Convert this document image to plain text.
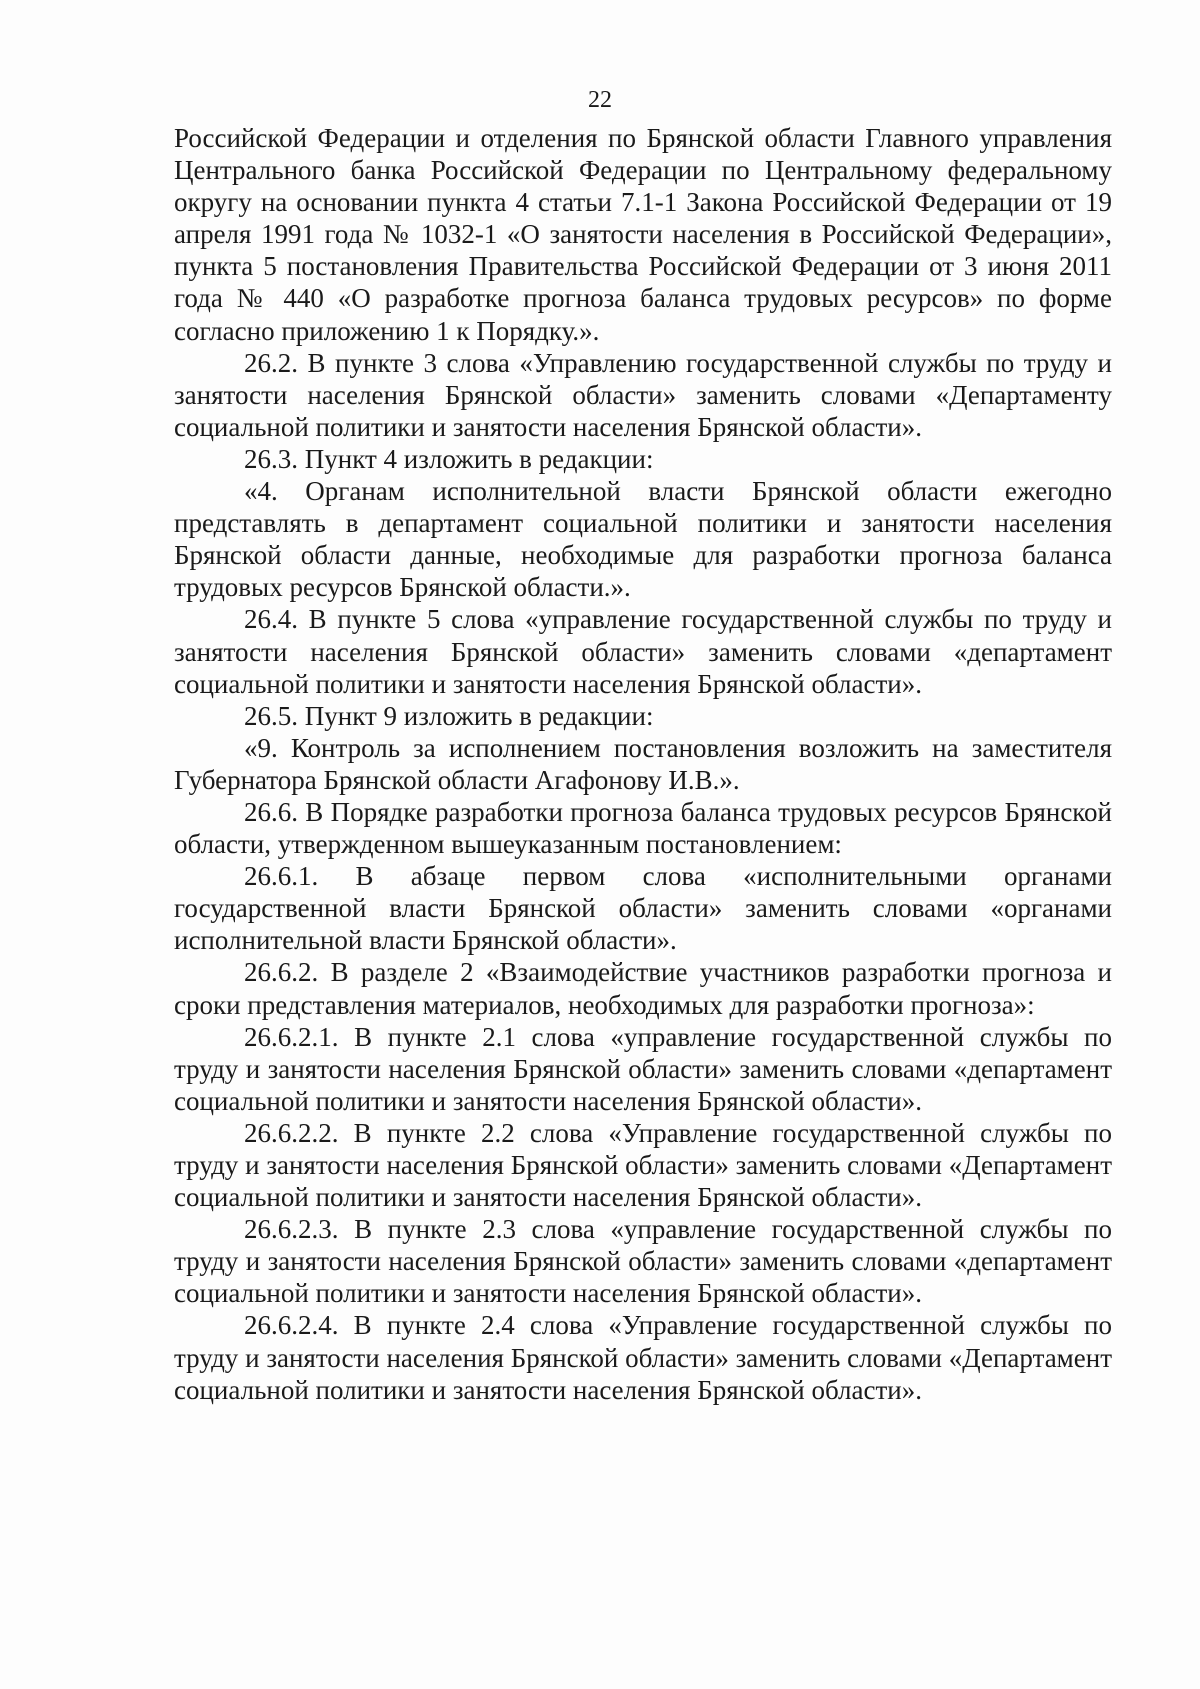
22

Российской Федерации и отделения по Брянской области Главного управления Центрального банка Российской Федерации по Центральному федеральному округу на основании пункта 4 статьи 7.1-1 Закона Российской Федерации от 19 апреля 1991 года № 1032-1 «О занятости населения в Российской Федерации», пункта 5 постановления Правительства Российской Федерации от 3 июня 2011 года № 440 «О разработке прогноза баланса трудовых ресурсов» по форме согласно приложению 1 к Порядку.».

26.2. В пункте 3 слова «Управлению государственной службы по труду и занятости населения Брянской области» заменить словами «Департаменту социальной политики и занятости населения Брянской области».

26.3. Пункт 4 изложить в редакции:

«4. Органам исполнительной власти Брянской области ежегодно представлять в департамент социальной политики и занятости населения Брянской области данные, необходимые для разработки прогноза баланса трудовых ресурсов Брянской области.».

26.4. В пункте 5 слова «управление государственной службы по труду и занятости населения Брянской области» заменить словами «департамент социальной политики и занятости населения Брянской области».

26.5. Пункт 9 изложить в редакции:

«9. Контроль за исполнением постановления возложить на заместителя Губернатора Брянской области Агафонову И.В.».

26.6. В Порядке разработки прогноза баланса трудовых ресурсов Брянской области, утвержденном вышеуказанным постановлением:

26.6.1. В абзаце первом слова «исполнительными органами государственной власти Брянской области» заменить словами «органами исполнительной власти Брянской области».

26.6.2. В разделе 2 «Взаимодействие участников разработки прогноза и сроки представления материалов, необходимых для разработки прогноза»:

26.6.2.1. В пункте 2.1 слова «управление государственной службы по труду и занятости населения Брянской области» заменить словами «департамент социальной политики и занятости населения Брянской области».

26.6.2.2. В пункте 2.2 слова «Управление государственной службы по труду и занятости населения Брянской области» заменить словами «Департамент социальной политики и занятости населения Брянской области».

26.6.2.3. В пункте 2.3 слова «управление государственной службы по труду и занятости населения Брянской области» заменить словами «департамент социальной политики и занятости населения Брянской области».

26.6.2.4. В пункте 2.4 слова «Управление государственной службы по труду и занятости населения Брянской области» заменить словами «Департамент социальной политики и занятости населения Брянской области».
